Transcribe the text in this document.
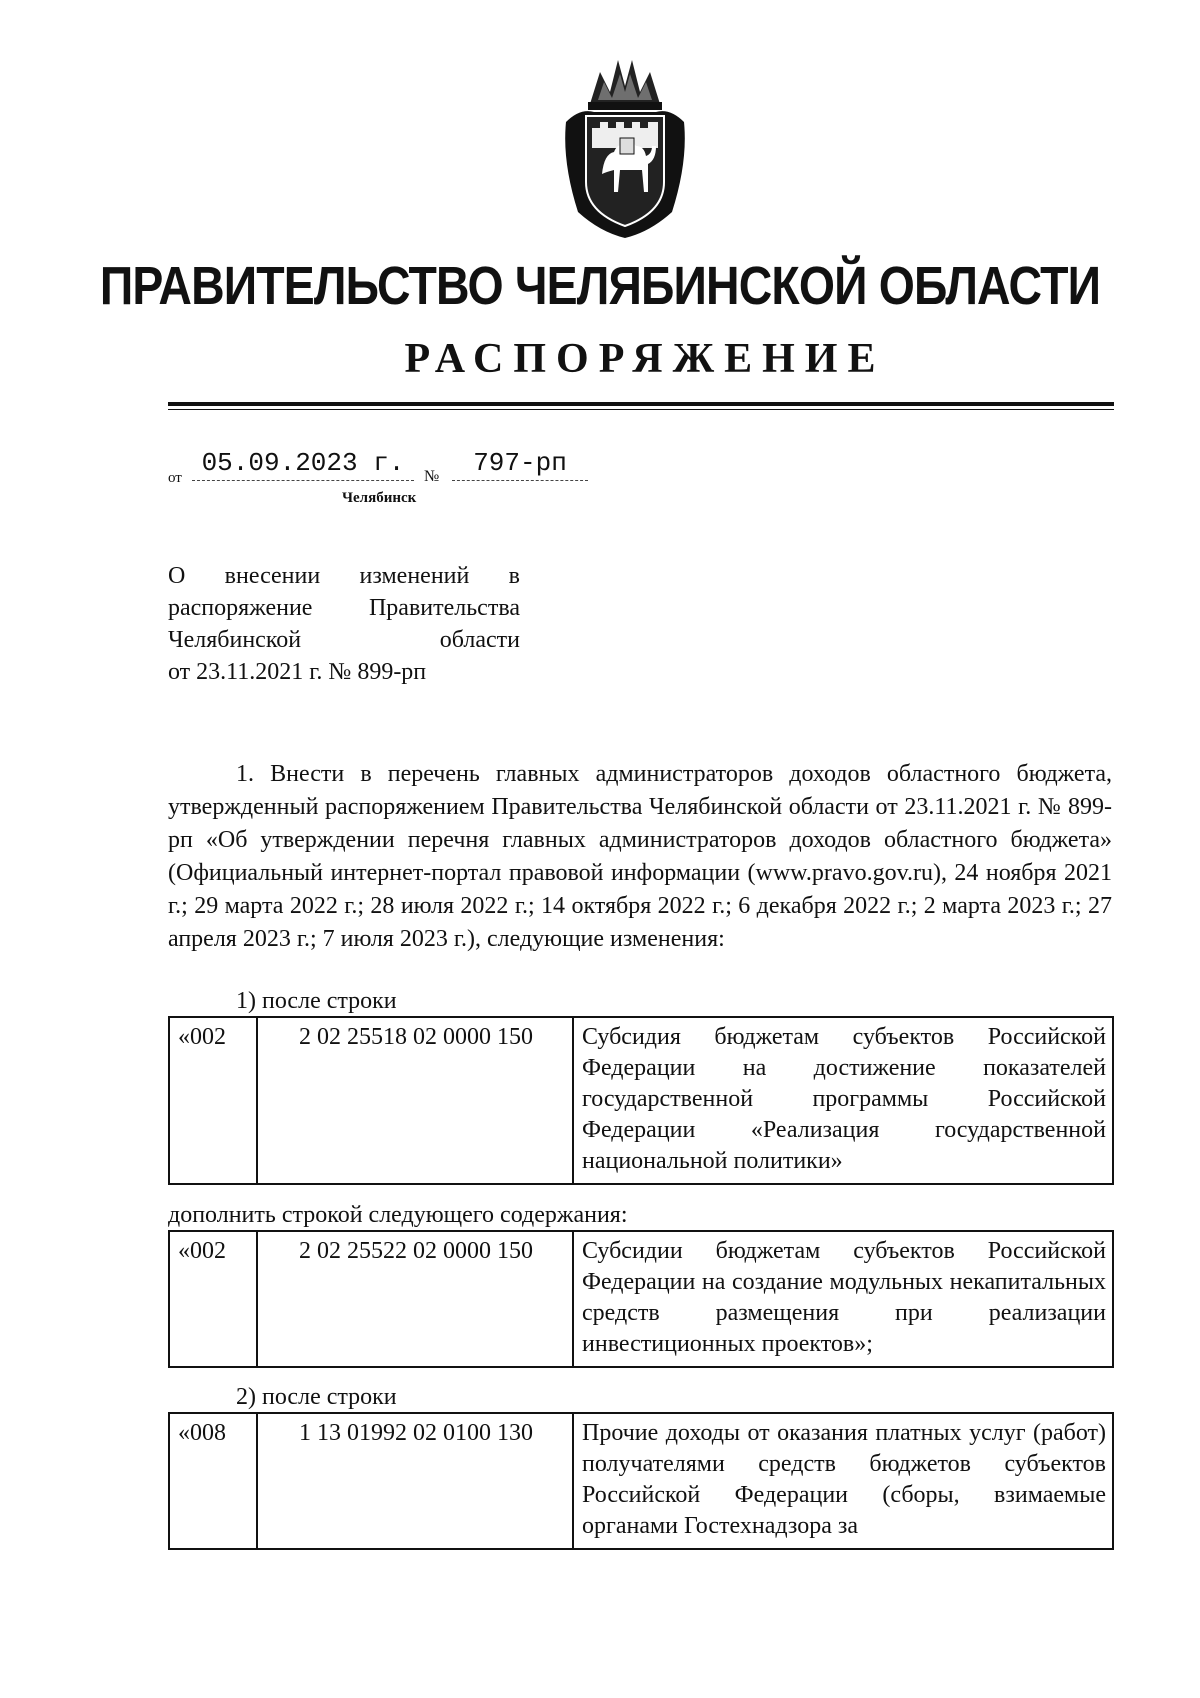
ПРАВИТЕЛЬСТВО ЧЕЛЯБИНСКОЙ ОБЛАСТИ
РАСПОРЯЖЕНИЕ
от 05.09.2023 г.	№	797-рп
Челябинск
О внесении изменений в
распоряжение Правительства
Челябинской области
от 23.11.2021 г. № 899-рп
1. Внести в перечень главных администраторов доходов областного бюджета, утвержденный распоряжением Правительства Челябинской области от 23.11.2021 г. № 899-рп «Об утверждении перечня главных администраторов доходов областного бюджета» (Официальный интернет-портал правовой информации (www.pravo.gov.ru), 24 ноября 2021 г.; 29 марта 2022 г.; 28 июля 2022 г.; 14 октября 2022 г.; 6 декабря 2022 г.; 2 марта 2023 г.; 27 апреля 2023 г.; 7 июля 2023 г.), следующие изменения:
1) после строки
«002	2 02 25518 02 0000 150	Субсидия бюджетам субъектов Российской Федерации на достижение показателей государственной программы Российской Федерации «Реализация государственной национальной политики»
дополнить строкой следующего содержания:
«002	2 02 25522 02 0000 150	Субсидии бюджетам субъектов Российской Федерации на создание модульных некапитальных средств размещения при реализации инвестиционных проектов»;
2) после строки
«008	1 13 01992 02 0100 130	Прочие доходы от оказания платных услуг (работ) получателями средств бюджетов субъектов Российской Федерации (сборы, взимаемые органами Гостехнадзора за
